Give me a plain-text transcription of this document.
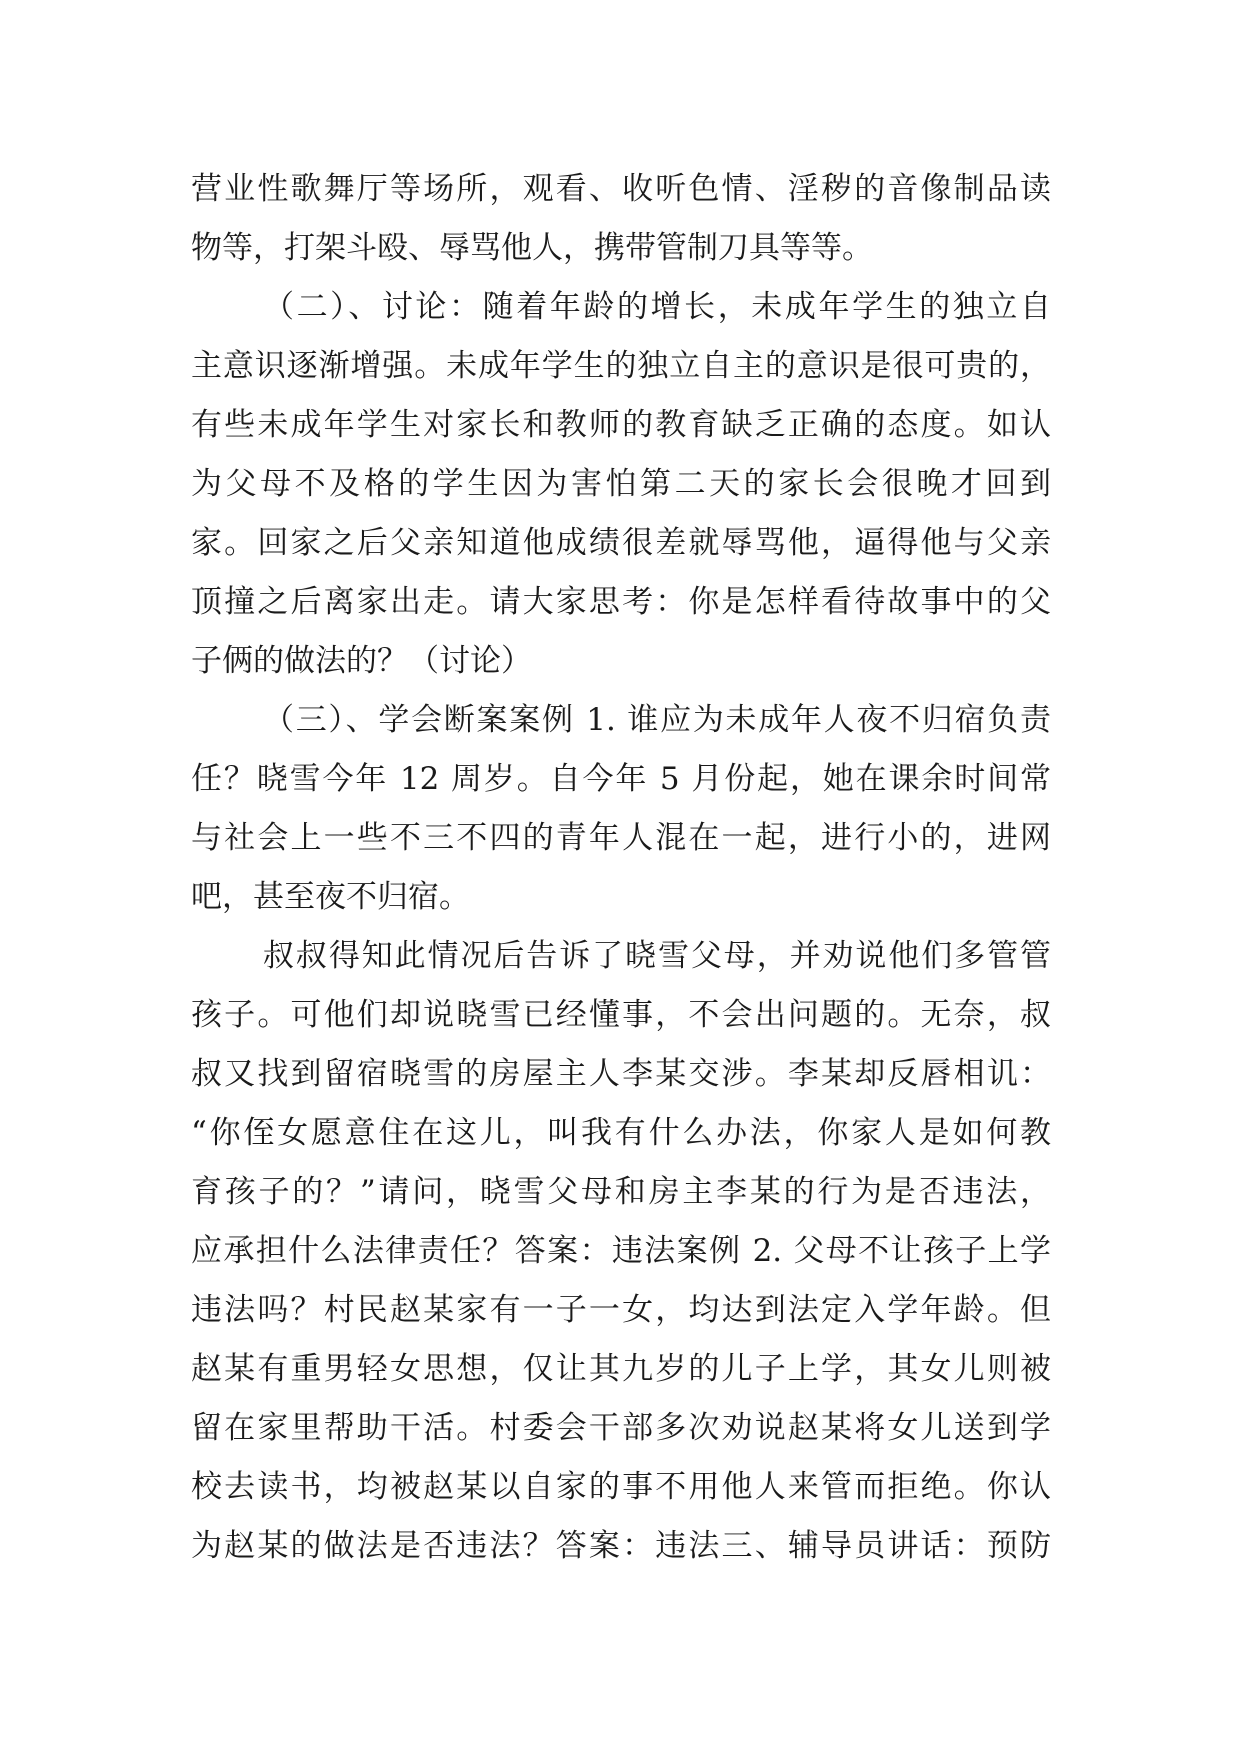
营业性歌舞厅等场所，观看、收听色情、淫秽的音像制品读
物等，打架斗殴、辱骂他人，携带管制刀具等等。
（二）、讨论：随着年龄的增长，未成年学生的独立自
主意识逐渐增强。未成年学生的独立自主的意识是很可贵的，
有些未成年学生对家长和教师的教育缺乏正确的态度。如认
为父母不及格的学生因为害怕第二天的家长会很晚才回到
家。回家之后父亲知道他成绩很差就辱骂他，逼得他与父亲
顶撞之后离家出走。请大家思考：你是怎样看待故事中的父
子俩的做法的？（讨论）
（三）、学会断案案例 1. 谁应为未成年人夜不归宿负责
任？晓雪今年 12 周岁。自今年 5 月份起，她在课余时间常
与社会上一些不三不四的青年人混在一起，进行小的，进网
吧，甚至夜不归宿。
叔叔得知此情况后告诉了晓雪父母，并劝说他们多管管
孩子。可他们却说晓雪已经懂事，不会出问题的。无奈，叔
叔又找到留宿晓雪的房屋主人李某交涉。李某却反唇相讥：
“你侄女愿意住在这儿，叫我有什么办法，你家人是如何教
育孩子的？”请问，晓雪父母和房主李某的行为是否违法，
应承担什么法律责任？答案：违法案例 2. 父母不让孩子上学
违法吗？村民赵某家有一子一女，均达到法定入学年龄。但
赵某有重男轻女思想，仅让其九岁的儿子上学，其女儿则被
留在家里帮助干活。村委会干部多次劝说赵某将女儿送到学
校去读书，均被赵某以自家的事不用他人来管而拒绝。你认
为赵某的做法是否违法？答案：违法三、辅导员讲话：预防
